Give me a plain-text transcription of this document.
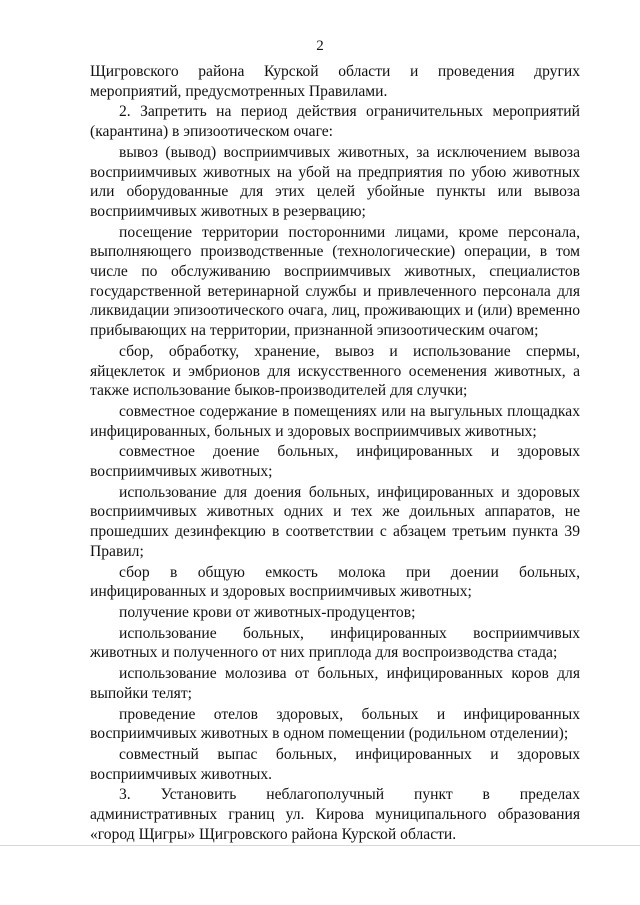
2

Щигровского района Курской области и проведения других мероприятий, предусмотренных Правилами.

2. Запретить на период действия ограничительных мероприятий (карантина) в эпизоотическом очаге:

вывоз (вывод) восприимчивых животных, за исключением вывоза восприимчивых животных на убой на предприятия по убою животных или оборудованные для этих целей убойные пункты или вывоза восприимчивых животных в резервацию;

посещение территории посторонними лицами, кроме персонала, выполняющего производственные (технологические) операции, в том числе по обслуживанию восприимчивых животных, специалистов государственной ветеринарной службы и привлеченного персонала для ликвидации эпизоотического очага, лиц, проживающих и (или) временно прибывающих на территории, признанной эпизоотическим очагом;

сбор, обработку, хранение, вывоз и использование спермы, яйцеклеток и эмбрионов для искусственного осеменения животных, а также использование быков-производителей для случки;

совместное содержание в помещениях или на выгульных площадках инфицированных, больных и здоровых восприимчивых животных;

совместное доение больных, инфицированных и здоровых восприимчивых животных;

использование для доения больных, инфицированных и здоровых восприимчивых животных одних и тех же доильных аппаратов, не прошедших дезинфекцию в соответствии с абзацем третьим пункта 39 Правил;

сбор в общую емкость молока при доении больных, инфицированных и здоровых восприимчивых животных;

получение крови от животных-продуцентов;

использование больных, инфицированных восприимчивых животных и полученного от них приплода для воспроизводства стада;

использование молозива от больных, инфицированных коров для выпойки телят;

проведение отелов здоровых, больных и инфицированных восприимчивых животных в одном помещении (родильном отделении);

совместный выпас больных, инфицированных и здоровых восприимчивых животных.

3. Установить неблагополучный пункт в пределах административных границ ул. Кирова муниципального образования «город Щигры» Щигровского района Курской области.
